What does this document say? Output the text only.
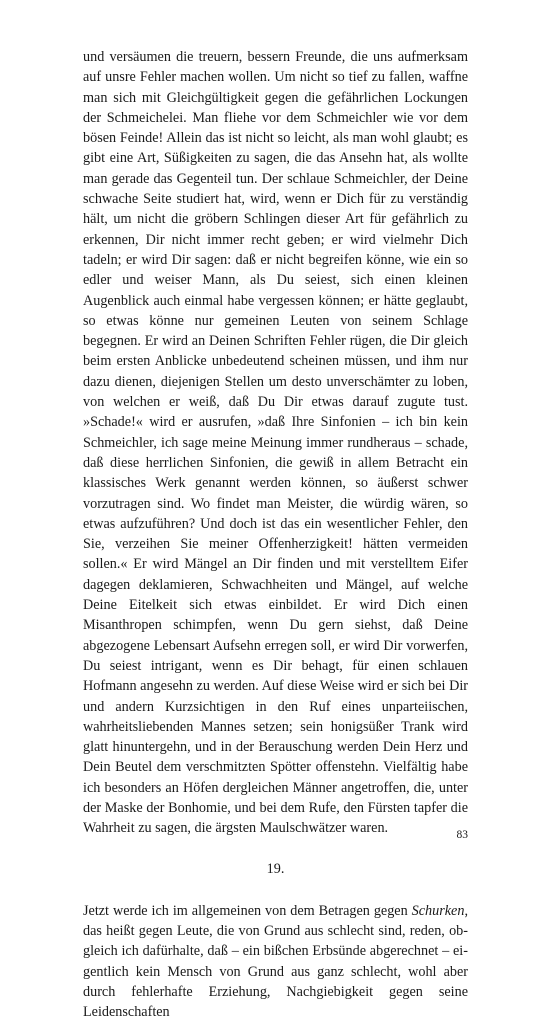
und versäumen die treuern, bessern Freunde, die uns aufmerksam auf unsre Fehler machen wollen. Um nicht so tief zu fallen, waffne man sich mit Gleichgültigkeit gegen die gefährlichen Lockungen der Schmeichelei. Man fliehe vor dem Schmeichler wie vor dem bösen Feinde! Allein das ist nicht so leicht, als man wohl glaubt; es gibt eine Art, Süßigkeiten zu sagen, die das Ansehn hat, als wollte man gerade das Gegenteil tun. Der schlaue Schmeichler, der Deine schwache Seite studiert hat, wird, wenn er Dich für zu verständig hält, um nicht die gröbern Schlingen dieser Art für gefährlich zu erkennen, Dir nicht immer recht geben; er wird vielmehr Dich tadeln; er wird Dir sagen: daß er nicht begreifen könne, wie ein so edler und weiser Mann, als Du seiest, sich einen kleinen Augenblick auch einmal habe vergessen können; er hätte geglaubt, so etwas könne nur gemeinen Leuten von seinem Schlage begegnen. Er wird an Deinen Schriften Fehler rügen, die Dir gleich beim ersten Anblicke unbedeutend scheinen müssen, und ihm nur dazu dienen, diejenigen Stellen um desto unverschämter zu loben, von welchen er weiß, daß Du Dir etwas darauf zugute tust. »Schade!« wird er ausrufen, »daß Ihre Sinfonien – ich bin kein Schmeichler, ich sage meine Meinung immer rundheraus – schade, daß diese herrlichen Sinfonien, die gewiß in allem Betracht ein klassisches Werk genannt werden können, so äußerst schwer vorzutragen sind. Wo findet man Meister, die würdig wären, so etwas aufzuführen? Und doch ist das ein wesentlicher Fehler, den Sie, verzeihen Sie meiner Offenherzigkeit! hätten vermeiden sollen.« Er wird Mängel an Dir finden und mit verstelltem Eifer dagegen deklamieren, Schwachheiten und Mängel, auf welche Deine Eitelkeit sich etwas einbildet. Er wird Dich einen Misanthropen schimpfen, wenn Du gern siehst, daß Deine abgezogene Lebensart Aufsehn erregen soll, er wird Dir vorwerfen, Du seiest intrigant, wenn es Dir behagt, für einen schlauen Hofmann angesehn zu werden. Auf diese Weise wird er sich bei Dir und andern Kurzsichtigen in den Ruf eines unparteiischen, wahrheitsliebenden Mannes setzen; sein honigsüßer Trank wird glatt hinuntergehn, und in der Berauschung werden Dein Herz und Dein Beutel dem verschmitzten Spötter offenstehn. Vielfältig habe ich besonders an Höfen dergleichen Männer angetroffen, die, unter der Maske der Bonhomie, und bei dem Rufe, den Fürsten tapfer die Wahrheit zu sagen, die ärgsten Maulschwätzer waren.

19.

Jetzt werde ich im allgemeinen von dem Betragen gegen Schurken, das heißt gegen Leute, die von Grund aus schlecht sind, reden, obgleich ich dafürhalte, daß – ein bißchen Erbsünde abgerechnet – eigentlich kein Mensch von Grund aus ganz schlecht, wohl aber durch fehlerhafte Erziehung, Nachgiebigkeit gegen seine Leidenschaften

83
